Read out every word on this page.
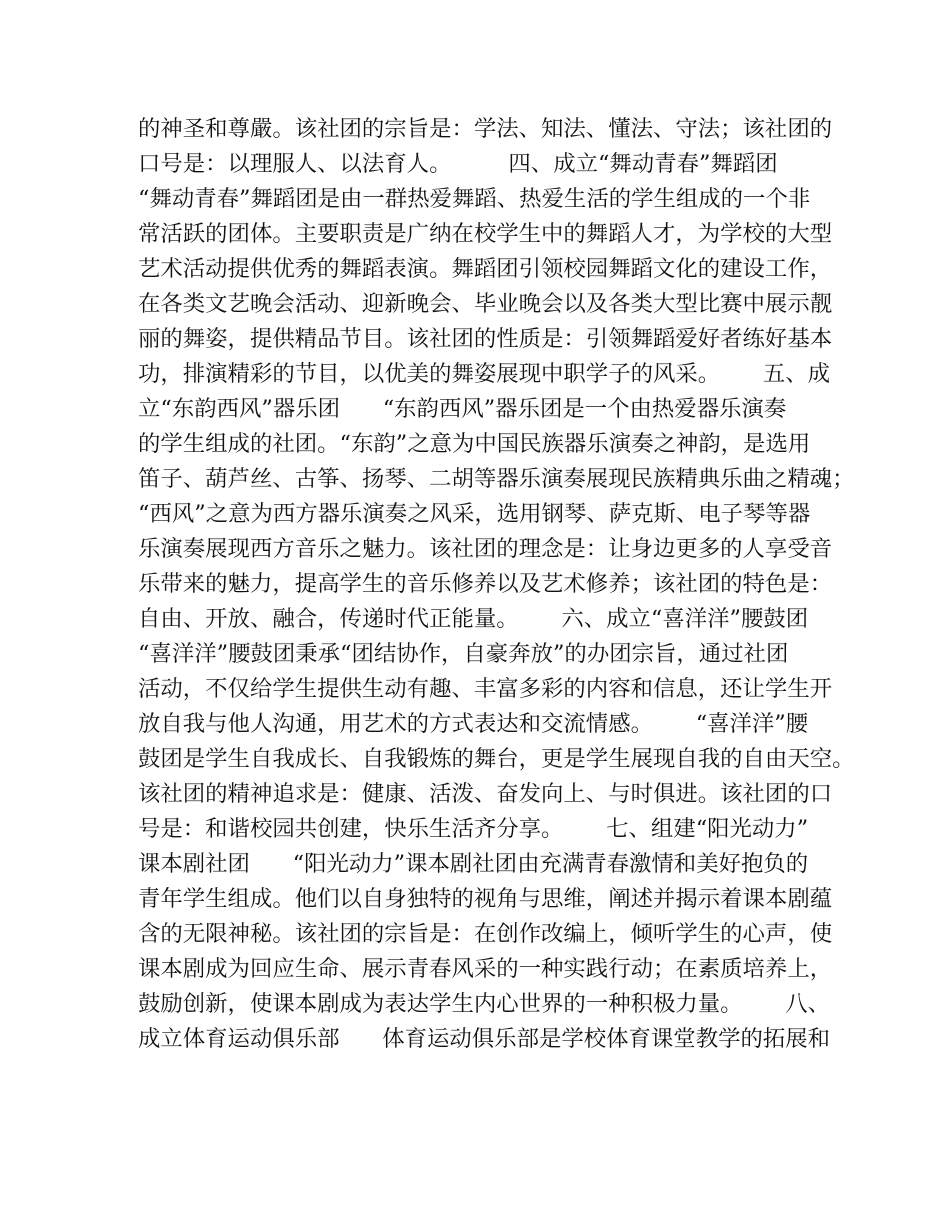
的神圣和尊嚴。该社团的宗旨是：学法、知法、懂法、守法；该社团的
口号是：以理服人、以法育人。        四、成立“舞动青春”舞蹈团
“舞动青春”舞蹈团是由一群热爱舞蹈、热爱生活的学生组成的一个非
常活跃的团体。主要职责是广纳在校学生中的舞蹈人才，为学校的大型
艺术活动提供优秀的舞蹈表演。舞蹈团引领校园舞蹈文化的建设工作，
在各类文艺晚会活动、迎新晚会、毕业晚会以及各类大型比赛中展示靓
丽的舞姿，提供精品节目。该社团的性质是：引领舞蹈爱好者练好基本
功，排演精彩的节目，以优美的舞姿展现中职学子的风采。      五、成
立“东韵西风”器乐团      “东韵西风”器乐团是一个由热爱器乐演奏
的学生组成的社团。“东韵”之意为中国民族器乐演奏之神韵，是选用
笛子、葫芦丝、古筝、扬琴、二胡等器乐演奏展现民族精典乐曲之精魂；
“西风”之意为西方器乐演奏之风采，选用钢琴、萨克斯、电子琴等器
乐演奏展现西方音乐之魅力。该社团的理念是：让身边更多的人享受音
乐带来的魅力，提高学生的音乐修养以及艺术修养；该社团的特色是：
自由、开放、融合，传递时代正能量。      六、成立“喜洋洋”腰鼓团
“喜洋洋”腰鼓团秉承“团结协作，自豪奔放”的办团宗旨，通过社团
活动，不仅给学生提供生动有趣、丰富多彩的内容和信息，还让学生开
放自我与他人沟通，用艺术的方式表达和交流情感。      “喜洋洋”腰
鼓团是学生自我成长、自我锻炼的舞台，更是学生展现自我的自由天空。
该社团的精神追求是：健康、活泼、奋发向上、与时俱进。该社团的口
号是：和谐校园共创建，快乐生活齐分享。      七、组建“阳光动力”
课本剧社团      “阳光动力”课本剧社团由充满青春激情和美好抱负的
青年学生组成。他们以自身独特的视角与思维，阐述并揭示着课本剧蕴
含的无限神秘。该社团的宗旨是：在创作改编上，倾听学生的心声，使
课本剧成为回应生命、展示青春风采的一种实践行动；在素质培养上，
鼓励创新，使课本剧成为表达学生内心世界的一种积极力量。      八、
成立体育运动俱乐部      体育运动俱乐部是学校体育课堂教学的拓展和
